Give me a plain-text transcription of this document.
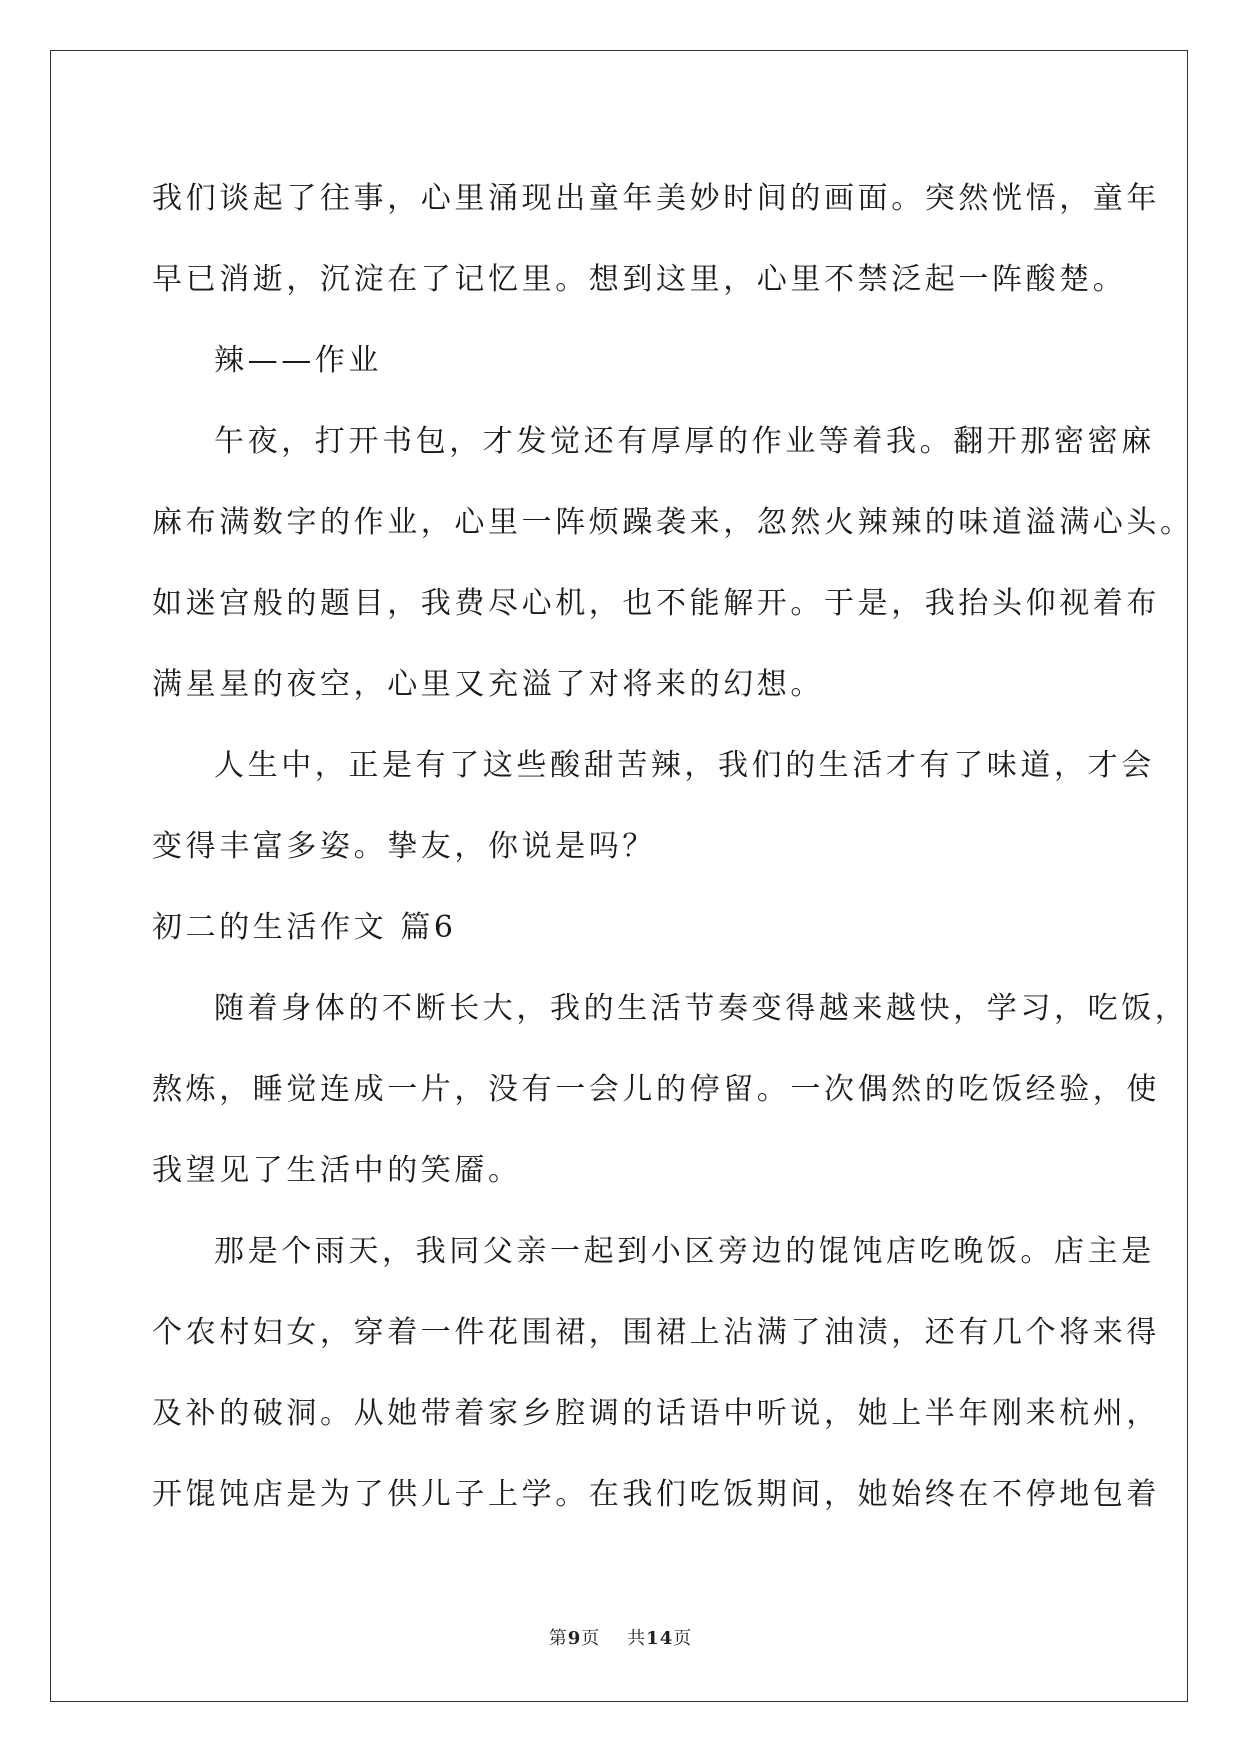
我们谈起了往事，心里涌现出童年美妙时间的画面。突然恍悟，童年
早已消逝，沉淀在了记忆里。想到这里，心里不禁泛起一阵酸楚。
辣——作业
午夜，打开书包，才发觉还有厚厚的作业等着我。翻开那密密麻
麻布满数字的作业，心里一阵烦躁袭来，忽然火辣辣的味道溢满心头。
如迷宫般的题目，我费尽心机，也不能解开。于是，我抬头仰视着布
满星星的夜空，心里又充溢了对将来的幻想。
人生中，正是有了这些酸甜苦辣，我们的生活才有了味道，才会
变得丰富多姿。挚友，你说是吗？
初二的生活作文 篇6
随着身体的不断长大，我的生活节奏变得越来越快，学习，吃饭，
熬炼，睡觉连成一片，没有一会儿的停留。一次偶然的吃饭经验，使
我望见了生活中的笑靥。
那是个雨天，我同父亲一起到小区旁边的馄饨店吃晚饭。店主是
个农村妇女，穿着一件花围裙，围裙上沾满了油渍，还有几个将来得
及补的破洞。从她带着家乡腔调的话语中听说，她上半年刚来杭州，
开馄饨店是为了供儿子上学。在我们吃饭期间，她始终在不停地包着
第9页 共14页
